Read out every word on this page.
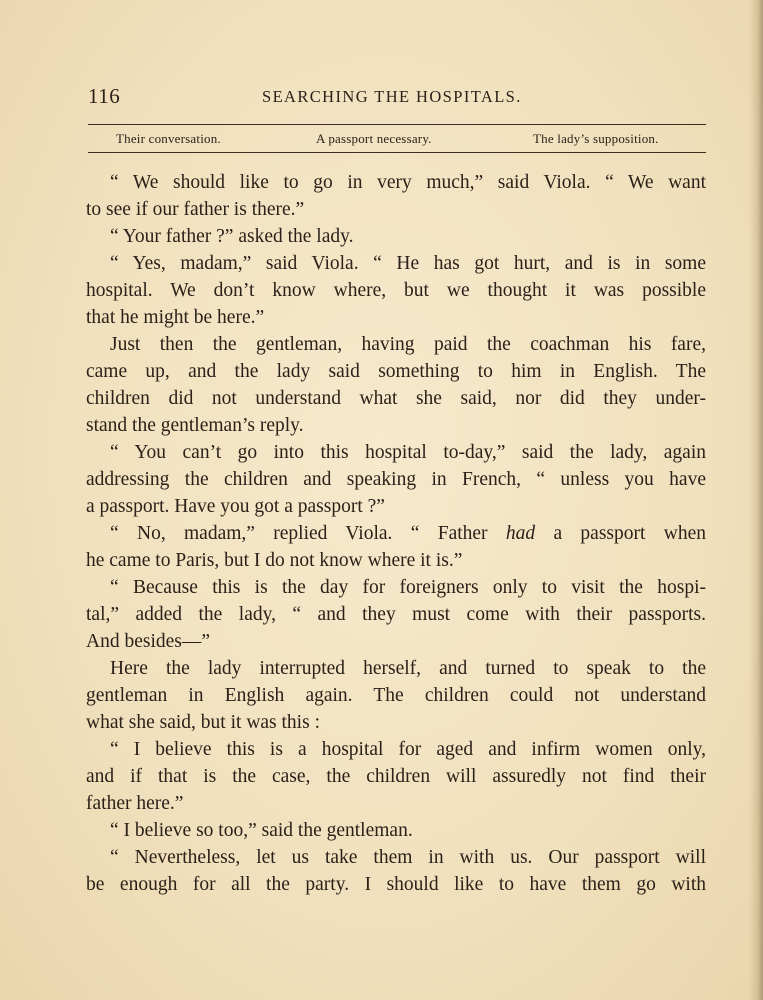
116	SEARCHING THE HOSPITALS.
Their conversation.	A passport necessary.	The lady’s supposition.
“ We should like to go in very much,” said Viola. “ We want
to see if our father is there.”
“ Your father ?” asked the lady.
“ Yes, madam,” said Viola. “ He has got hurt, and is in some
hospital. We don’t know where, but we thought it was possible
that he might be here.”
Just then the gentleman, having paid the coachman his fare,
came up, and the lady said something to him in English. The
children did not understand what she said, nor did they under-
stand the gentleman’s reply.
“ You can’t go into this hospital to-day,” said the lady, again
addressing the children and speaking in French, “ unless you have
a passport. Have you got a passport ?”
“ No, madam,” replied Viola. “ Father had a passport when
he came to Paris, but I do not know where it is.”
“ Because this is the day for foreigners only to visit the hospi-
tal,” added the lady, “ and they must come with their passports.
And besides—”
Here the lady interrupted herself, and turned to speak to the
gentleman in English again. The children could not understand
what she said, but it was this :
“ I believe this is a hospital for aged and infirm women only,
and if that is the case, the children will assuredly not find their
father here.”
“ I believe so too,” said the gentleman.
“ Nevertheless, let us take them in with us. Our passport will
be enough for all the party. I should like to have them go with
